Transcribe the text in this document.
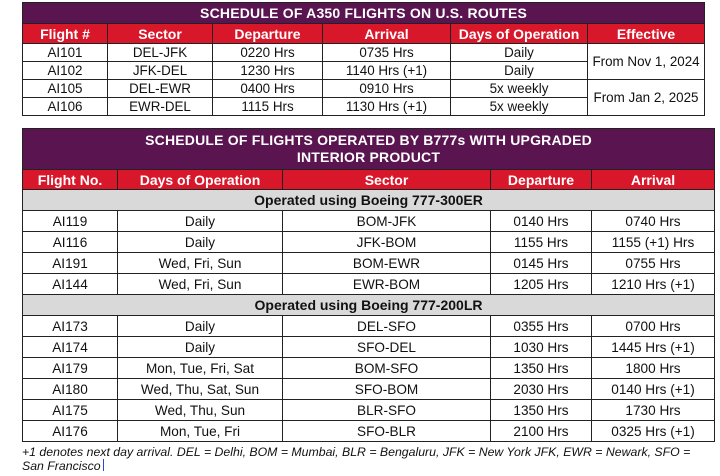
SCHEDULE OF A350 FLIGHTS ON U.S. ROUTES					
Flight #	Sector	Departure	Arrival	Days of Operation	Effective
AI101	DEL-JFK	0220 Hrs	0735 Hrs	Daily	From Nov 1, 2024
AI102	JFK-DEL	1230 Hrs	1140 Hrs (+1)	Daily	
AI105	DEL-EWR	0400 Hrs	0910 Hrs	5x weekly	From Jan 2, 2025
AI106	EWR-DEL	1115 Hrs	1130 Hrs (+1)	5x weekly	
SCHEDULE OF FLIGHTS OPERATED BY B777s WITH UPGRADED
INTERIOR PRODUCT				

Flight No.	Days of Operation	Sector	Departure	Arrival
Operated using Boeing 777-300ER				
AI119	Daily	BOM-JFK	0140 Hrs	0740 Hrs
AI116	Daily	JFK-BOM	1155 Hrs	1155 (+1) Hrs
AI191	Wed, Fri, Sun	BOM-EWR	0145 Hrs	0755 Hrs
AI144	Wed, Fri, Sun	EWR-BOM	1205 Hrs	1210 Hrs (+1)
Operated using Boeing 777-200LR				
AI173	Daily	DEL-SFO	0355 Hrs	0700 Hrs
AI174	Daily	SFO-DEL	1030 Hrs	1445 Hrs (+1)
AI179	Mon, Tue, Fri, Sat	BOM-SFO	1350 Hrs	1800 Hrs
AI180	Wed, Thu, Sat, Sun	SFO-BOM	2030 Hrs	0140 Hrs (+1)
AI175	Wed, Thu, Sun	BLR-SFO	1350 Hrs	1730 Hrs
AI176	Mon, Tue, Fri	SFO-BLR	2100 Hrs	0325 Hrs (+1)
+1 denotes next day arrival. DEL = Delhi, BOM = Mumbai, BLR = Bengaluru, JFK = New York JFK, EWR = Newark, SFO = San Francisco
